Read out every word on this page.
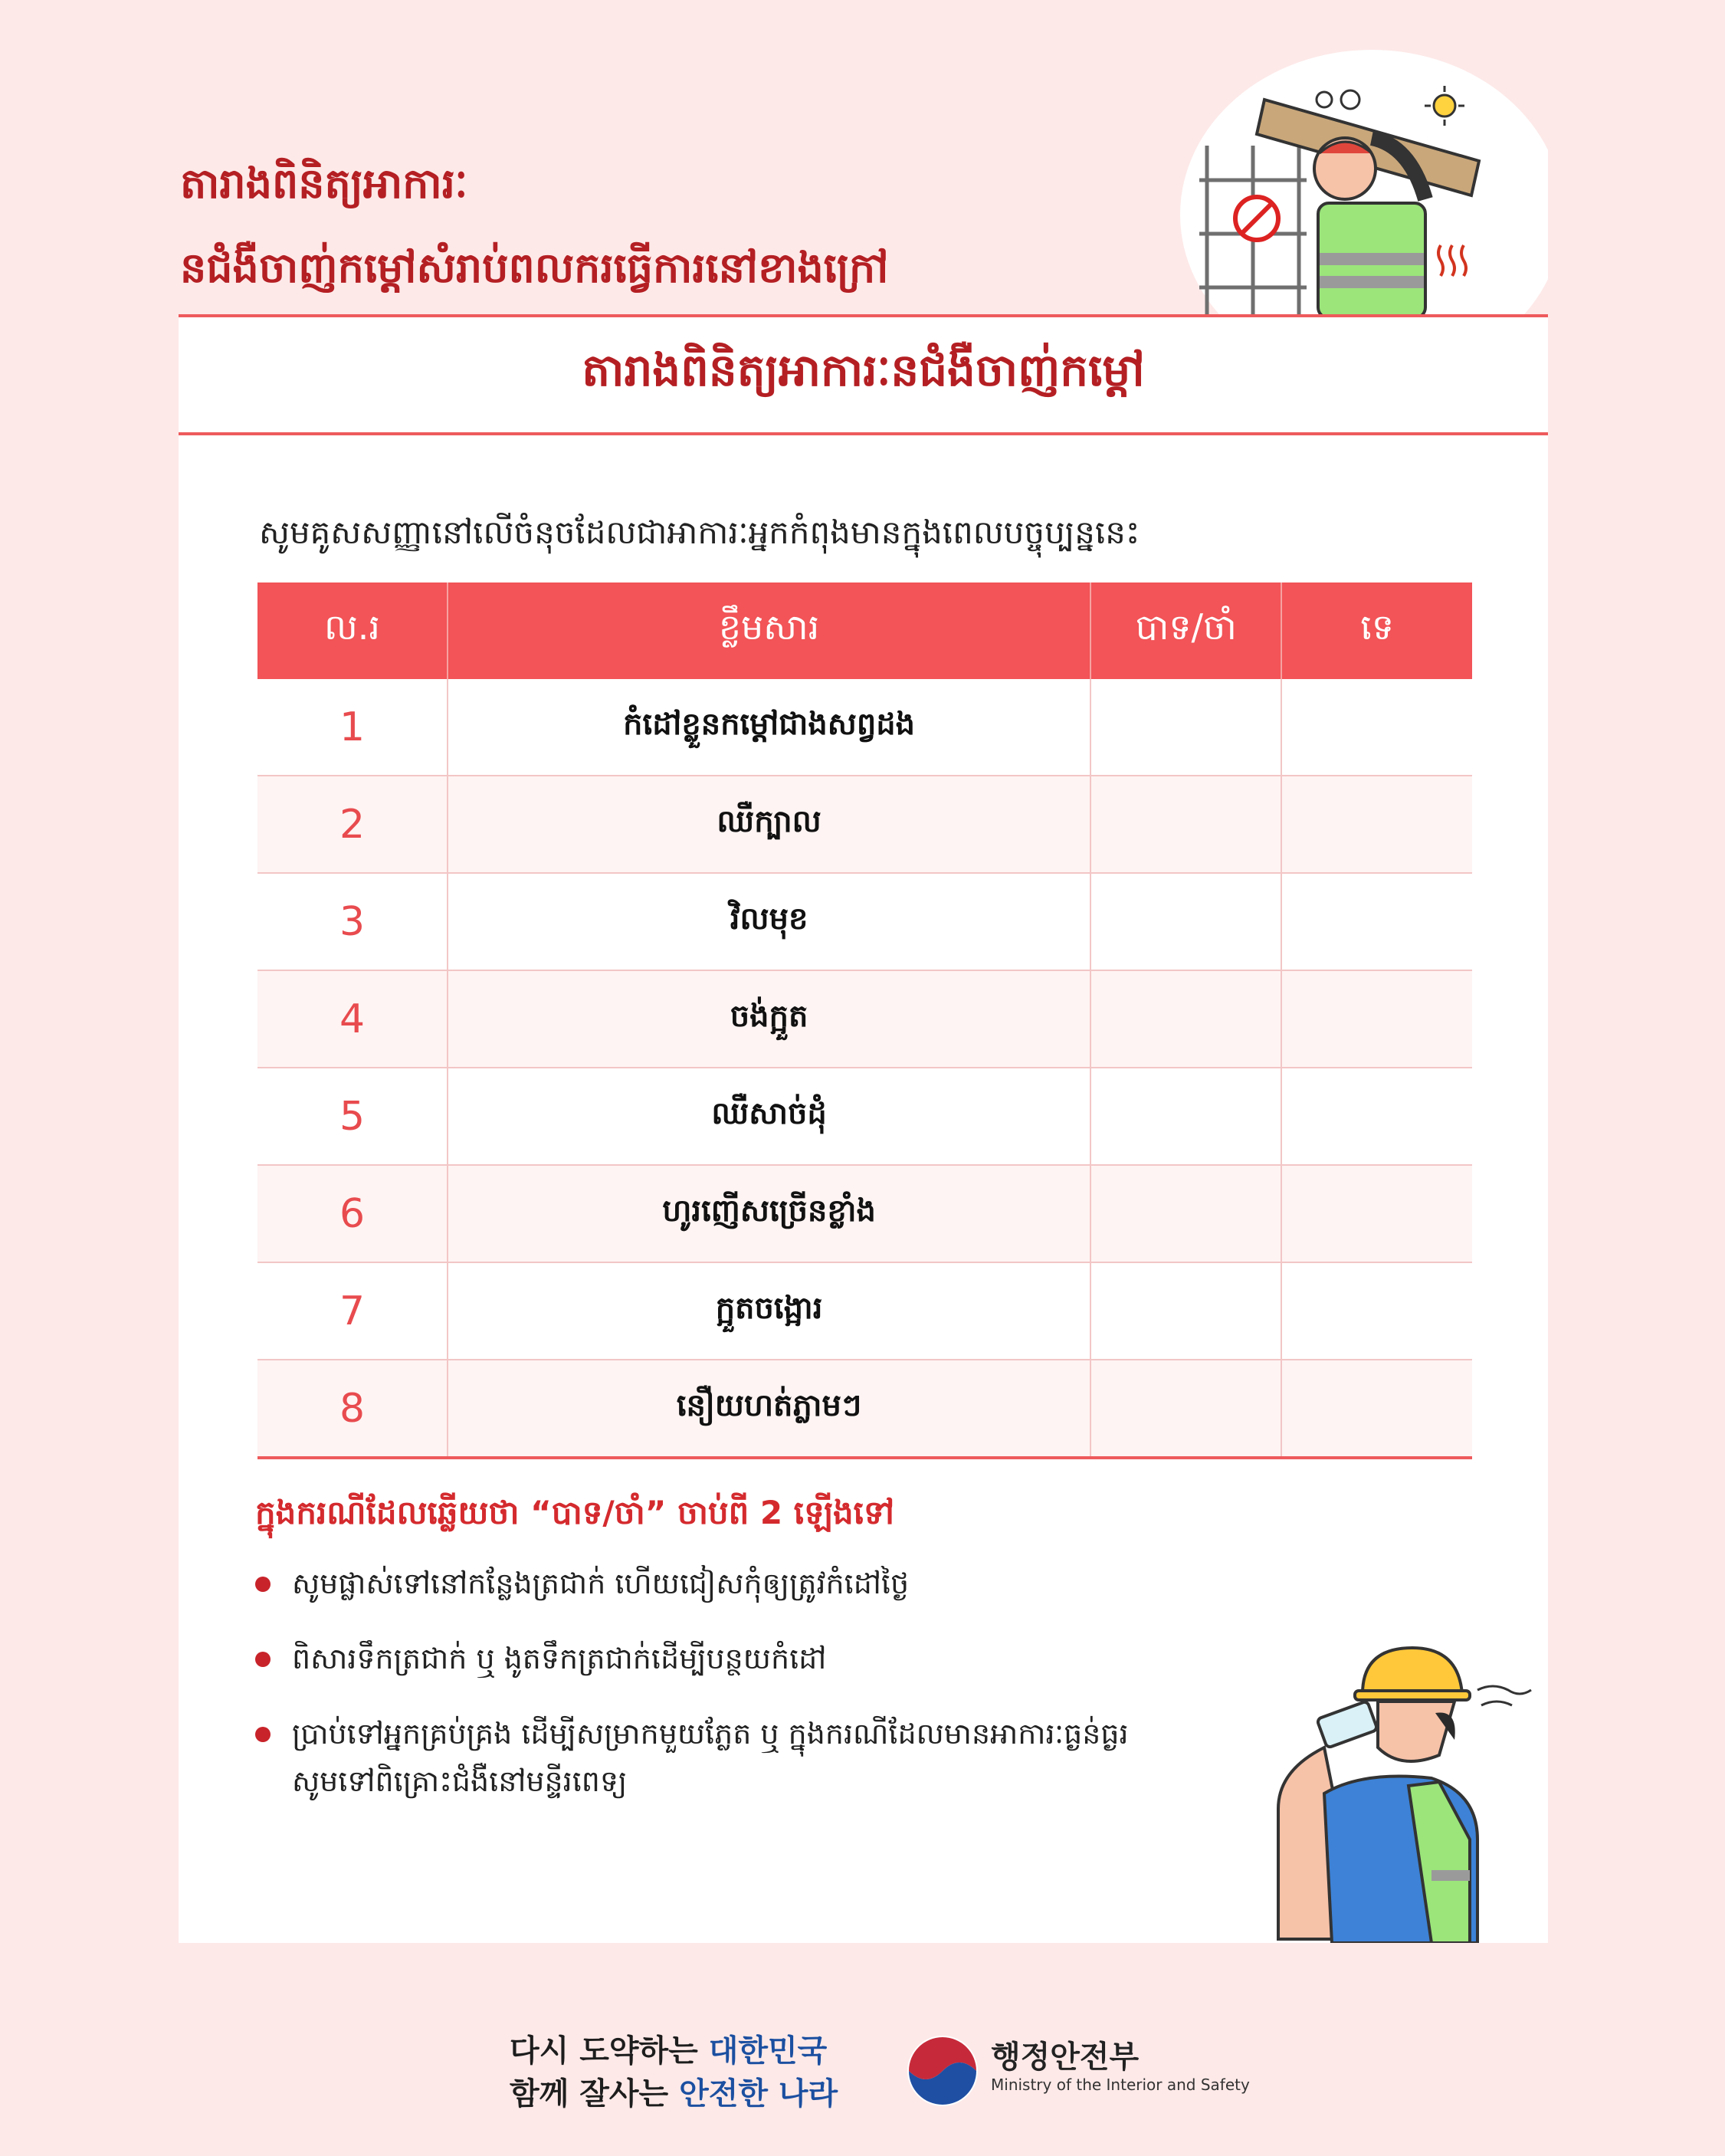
តារាងពិនិត្យអាការៈ
នជំងឺចាញ់កម្ដៅសំរាប់ពលករធ្វើការនៅខាងក្រៅ
តារាងពិនិត្យអាការៈនជំងឺចាញ់កម្ដៅ
សូមគូសសញ្ញានៅលើចំនុចដែលជាអាការៈអ្នកកំពុងមានក្នុងពេលបច្ចុប្បន្ននេះ
ល.រ	ខ្លឹមសារ	បាទ/ចាំ	ទេ
1	កំដៅខ្លួនកម្ដៅជាងសព្វដង		
2	ឈឺក្បាល		
3	វិលមុខ		
4	ចង់ក្អួត		
5	ឈឺសាច់ដុំ		
6	ហូរញើសច្រើនខ្លាំង		
7	ក្អួតចង្អោរ		
8	នឿយហត់ភ្លាមៗ		
ក្នុងករណីដែលឆ្លើយថា “បាទ/ចាំ” ចាប់ពី 2 ឡើងទៅ
សូមផ្លាស់ទៅនៅកន្លែងត្រជាក់ ហើយជៀសកុំឲ្យត្រូវកំដៅថ្ងៃ
ពិសារទឹកត្រជាក់ ឬ ងូតទឹកត្រជាក់ដើម្បីបន្ថយកំដៅ
ប្រាប់ទៅអ្នកគ្រប់គ្រង ដើម្បីសម្រាកមួយភ្លែត ឬ ក្នុងករណីដែលមានអាការៈធ្ងន់ធ្ងរ
សូមទៅពិគ្រោះជំងឺនៅមន្ទីរពេទ្យ
다시 도약하는 대한민국
함께 잘사는 안전한 나라
행정안전부
Ministry of the Interior and Safety
